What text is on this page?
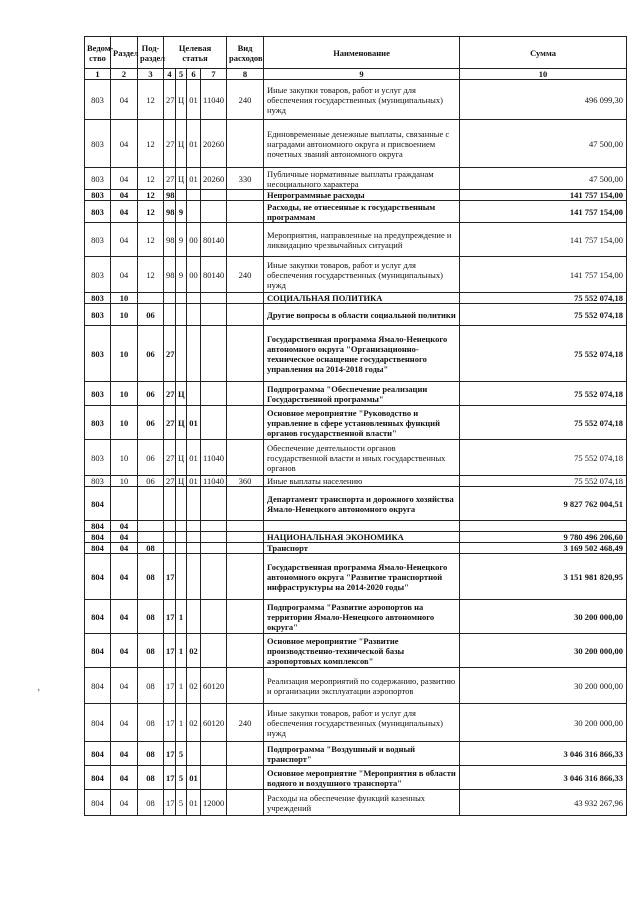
Ведом-ство	Раздел	Под-раздел	Целевая статья				Вид расходов	Наименование	Сумма
1	2	3	4	5	6	7	8	9	10
803	04	12	27	Ц	01	11040	240	Иные закупки товаров, работ и услуг для обеспечения государственных (муниципальных) нужд	496 099,30
803	04	12	27	Ц	01	20260		Единовременные денежные выплаты, связанные с наградами автономного округа и присвоением почетных званий автономного округа	47 500,00
803	04	12	27	Ц	01	20260	330	Публичные нормативные выплаты гражданам несоциального характера	47 500,00
803	04	12	98					Непрограммные расходы	141 757 154,00
803	04	12	98	9				Расходы, не отнесенные к государственным программам	141 757 154,00
803	04	12	98	9	00	80140		Мероприятия, направленные на предупреждение и ликвидацию чрезвычайных ситуаций	141 757 154,00
803	04	12	98	9	00	80140	240	Иные закупки товаров, работ и услуг для обеспечения государственных (муниципальных) нужд	141 757 154,00
803	10							СОЦИАЛЬНАЯ ПОЛИТИКА	75 552 074,18
803	10	06						Другие вопросы в области социальной политики	75 552 074,18
803	10	06	27					Государственная программа Ямало-Ненецкого автономного округа "Организационно-техническое оснащение государственного управления на 2014-2018 годы"	75 552 074,18
803	10	06	27	Ц				Подпрограмма "Обеспечение реализации Государственной программы"	75 552 074,18
803	10	06	27	Ц	01			Основное мероприятие "Руководство и управление в сфере установленных функций органов государственной власти"	75 552 074,18
803	10	06	27	Ц	01	11040		Обеспечение деятельности органов государственной власти и иных государственных органов	75 552 074,18
803	10	06	27	Ц	01	11040	360	Иные выплаты населению	75 552 074,18
804								Департамент транспорта и дорожного хозяйства Ямало-Ненецкого автономного округа	9 827 762 004,51
804	04								
804	04							НАЦИОНАЛЬНАЯ ЭКОНОМИКА	9 780 496 206,60
804	04	08						Транспорт	3 169 502 468,49
804	04	08	17					Государственная программа Ямало-Ненецкого автономного округа "Развитие транспортной инфраструктуры на 2014-2020 годы"	3 151 981 820,95
804	04	08	17	1				Подпрограмма "Развитие аэропортов на территории Ямало-Ненецкого автономного округа"	30 200 000,00
804	04	08	17	1	02			Основное мероприятие "Развитие производственно-технической базы аэропортовых комплексов"	30 200 000,00
804	04	08	17	1	02	60120		Реализация мероприятий по содержанию, развитию и организации эксплуатации аэропортов	30 200 000,00
804	04	08	17	1	02	60120	240	Иные закупки товаров, работ и услуг для обеспечения государственных (муниципальных) нужд	30 200 000,00
804	04	08	17	5				Подпрограмма "Воздушный и водный транспорт"	3 046 316 866,33
804	04	08	17	5	01			Основное мероприятие "Мероприятия в области водного и воздушного транспорта"	3 046 316 866,33
804	04	08	17	5	01	12000		Расходы на обеспечение функций казенных учреждений	43 932 267,96
ʼ
